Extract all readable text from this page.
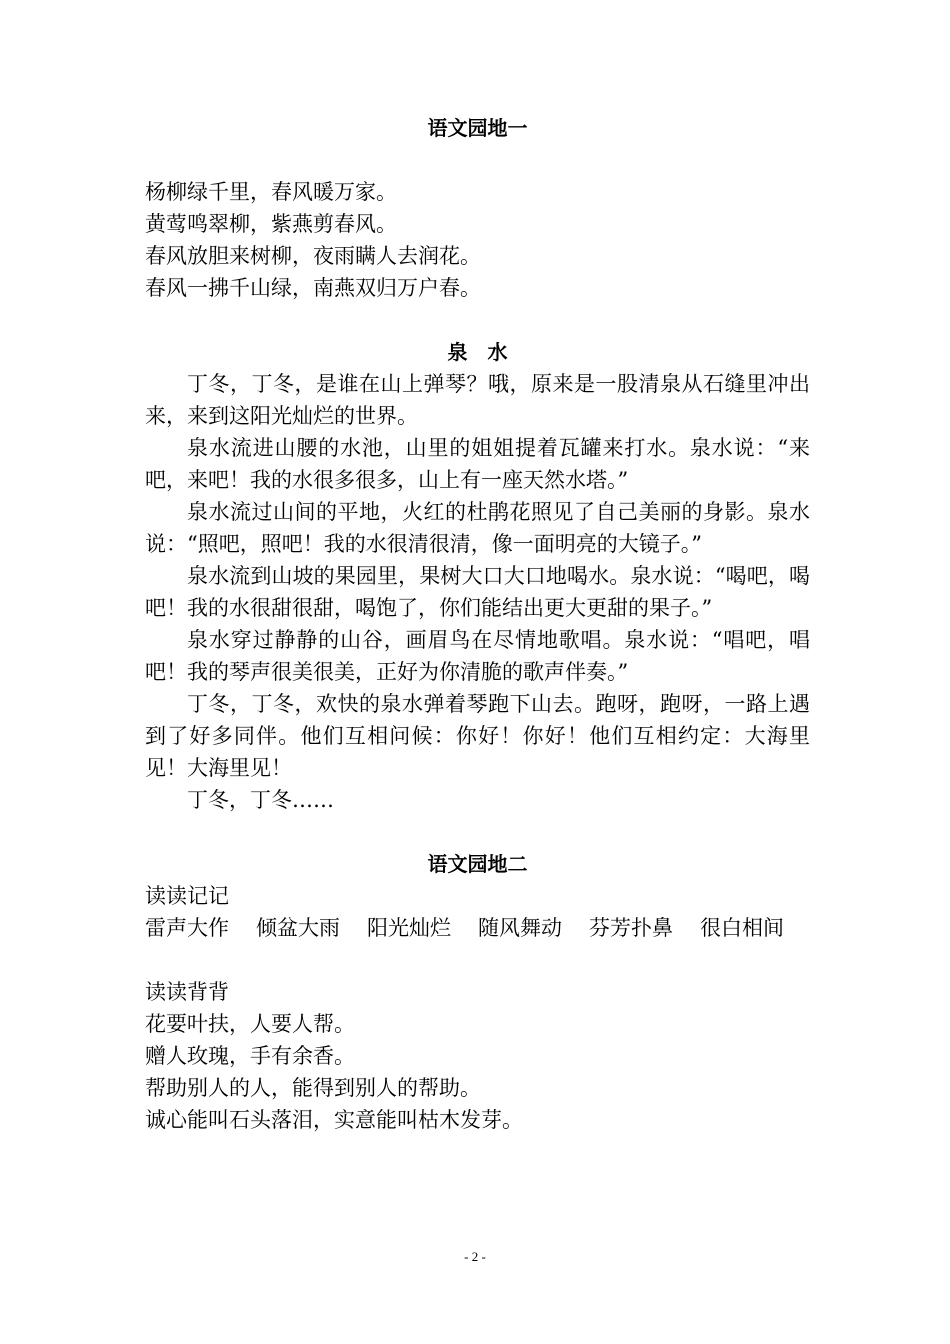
语文园地一

杨柳绿千里，春风暖万家。

黄莺鸣翠柳，紫燕剪春风。

春风放胆来树柳，夜雨瞒人去润花。

春风一拂千山绿，南燕双归万户春。

泉　水

丁冬，丁冬，是谁在山上弹琴？哦，原来是一股清泉从石缝里冲出来，来到这阳光灿烂的世界。

泉水流进山腰的水池，山里的姐姐提着瓦罐来打水。泉水说：“来吧，来吧！我的水很多很多，山上有一座天然水塔。”

泉水流过山间的平地，火红的杜鹃花照见了自己美丽的身影。泉水说：“照吧，照吧！我的水很清很清，像一面明亮的大镜子。”

泉水流到山坡的果园里，果树大口大口地喝水。泉水说：“喝吧，喝吧！我的水很甜很甜，喝饱了，你们能结出更大更甜的果子。”

泉水穿过静静的山谷，画眉鸟在尽情地歌唱。泉水说：“唱吧，唱吧！我的琴声很美很美，正好为你清脆的歌声伴奏。”

丁冬，丁冬，欢快的泉水弹着琴跑下山去。跑呀，跑呀，一路上遇到了好多同伴。他们互相问候：你好！你好！他们互相约定：大海里见！大海里见！

丁冬，丁冬……

语文园地二

读读记记

雷声大作 倾盆大雨 阳光灿烂 随风舞动 芬芳扑鼻 很白相间

读读背背

花要叶扶，人要人帮。

赠人玫瑰，手有余香。

帮助别人的人，能得到别人的帮助。

诚心能叫石头落泪，实意能叫枯木发芽。

- 2 -
